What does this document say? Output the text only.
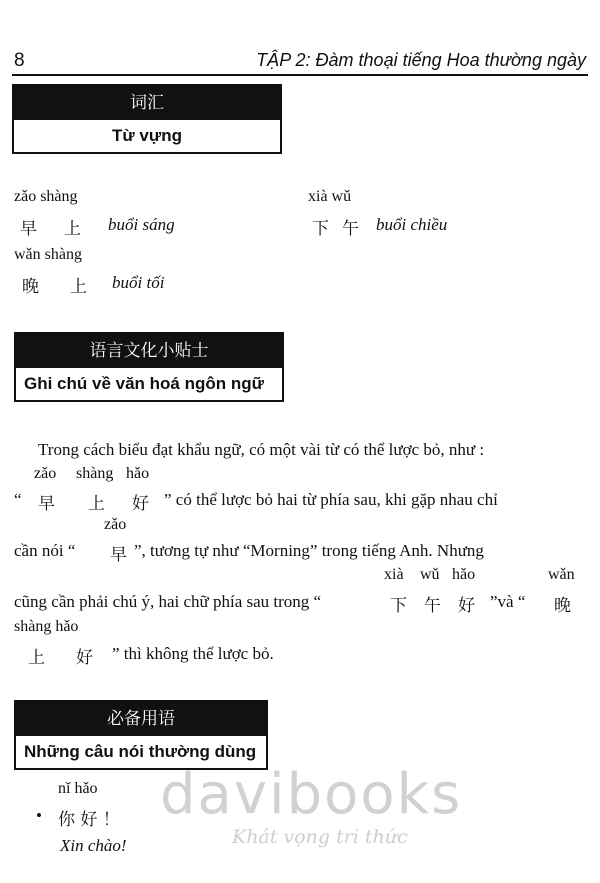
8	TẬP 2: Đàm thoại tiếng Hoa thường ngày
词汇
Từ vựng
zǎo shàng
早 上 buổi sáng
xià wǔ
下 午 buổi chiều
wǎn shàng
晚 上 buổi tối
语言文化小贴士
Ghi chú về văn hoá ngôn ngữ
Trong cách biểu đạt khẩu ngữ, có một vài từ có thể lược bỏ, như :
zǎo shàng hǎo
“ 早 上 好 ” có thể lược bỏ hai từ phía sau, khi gặp nhau chỉ
zǎo
cần nói “ 早 ”, tương tự như “Morning” trong tiếng Anh. Nhưng
xià wǔ hǎo	wǎn
cũng cần phải chú ý, hai chữ phía sau trong “	下 午 好 ”và “ 晚
shàng hǎo
上 好 ” thì không thể lược bỏ.
必备用语
Những câu nói thường dùng
nǐ hǎo
• 你 好 ！
Xin chào!
davibooks
Khát vọng tri thức
